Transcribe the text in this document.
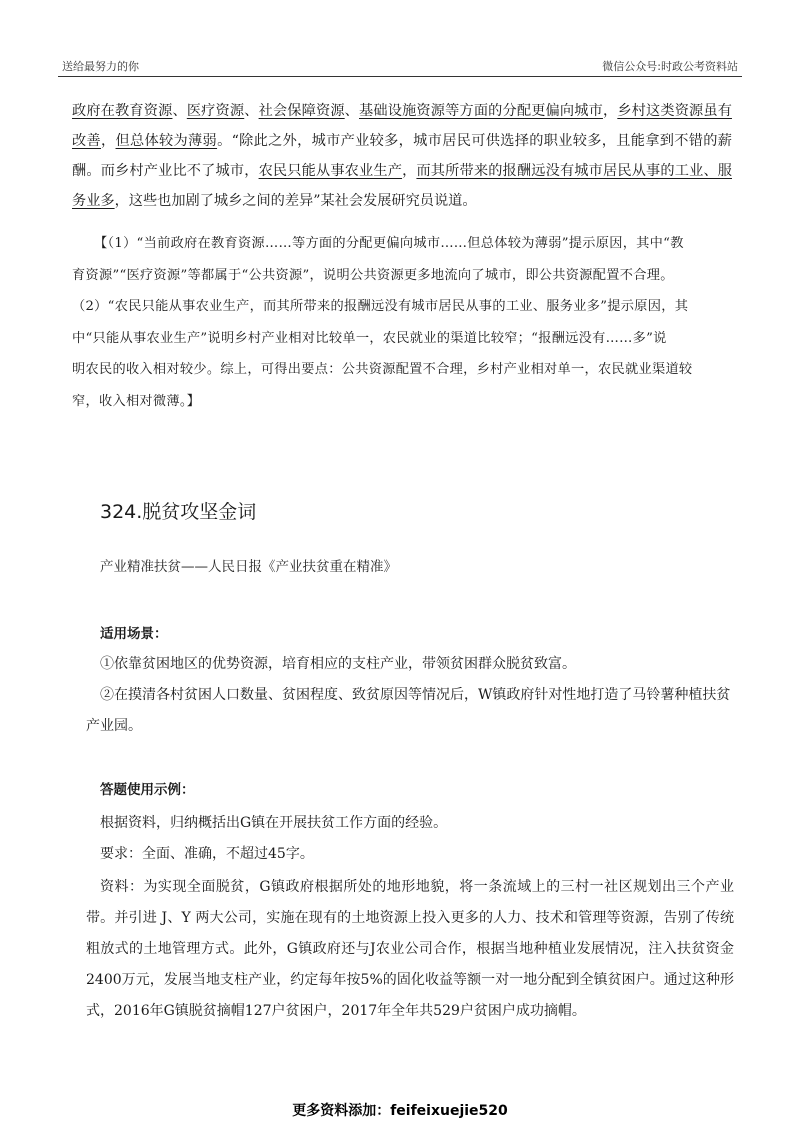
送给最努力的你	微信公众号:时政公考资料站

政府在教育资源、医疗资源、社会保障资源、基础设施资源等方面的分配更偏向城市，乡村这类资源虽有改善，但总体较为薄弱。“除此之外，城市产业较多，城市居民可供选择的职业较多，且能拿到不错的薪酬。而乡村产业比不了城市，农民只能从事农业生产，而其所带来的报酬远没有城市居民从事的工业、服务业多，这些也加剧了城乡之间的差异”某社会发展研究员说道。

【（1）“当前政府在教育资源……等方面的分配更偏向城市……但总体较为薄弱”提示原因，其中“教
育资源”“医疗资源”等都属于“公共资源”，说明公共资源更多地流向了城市，即公共资源配置不合理。
（2）“农民只能从事农业生产，而其所带来的报酬远没有城市居民从事的工业、服务业多”提示原因，其
中“只能从事农业生产”说明乡村产业相对比较单一，农民就业的渠道比较窄；“报酬远没有……多”说
明农民的收入相对较少。综上，可得出要点：公共资源配置不合理，乡村产业相对单一，农民就业渠道较
窄，收入相对微薄。】
324.脱贫攻坚金词
产业精准扶贫——人民日报《产业扶贫重在精准》
适用场景：

①依靠贫困地区的优势资源，培育相应的支柱产业，带领贫困群众脱贫致富。

②在摸清各村贫困人口数量、贫困程度、致贫原因等情况后，W镇政府针对性地打造了马铃薯种植扶贫产业园。

答题使用示例：

根据资料，归纳概括出G镇在开展扶贫工作方面的经验。

要求：全面、准确，不超过45字。

资料：为实现全面脱贫，G镇政府根据所处的地形地貌，将一条流域上的三村一社区规划出三个产业带。并引进 J、Y 两大公司，实施在现有的土地资源上投入更多的人力、技术和管理等资源，告别了传统粗放式的土地管理方式。此外，G镇政府还与J农业公司合作，根据当地种植业发展情况，注入扶贫资金2400万元，发展当地支柱产业，约定每年按5%的固化收益等额一对一地分配到全镇贫困户。通过这种形式，2016年G镇脱贫摘帽127户贫困户，2017年全年共529户贫困户成功摘帽。

更多资料添加：feifeixuejie520
